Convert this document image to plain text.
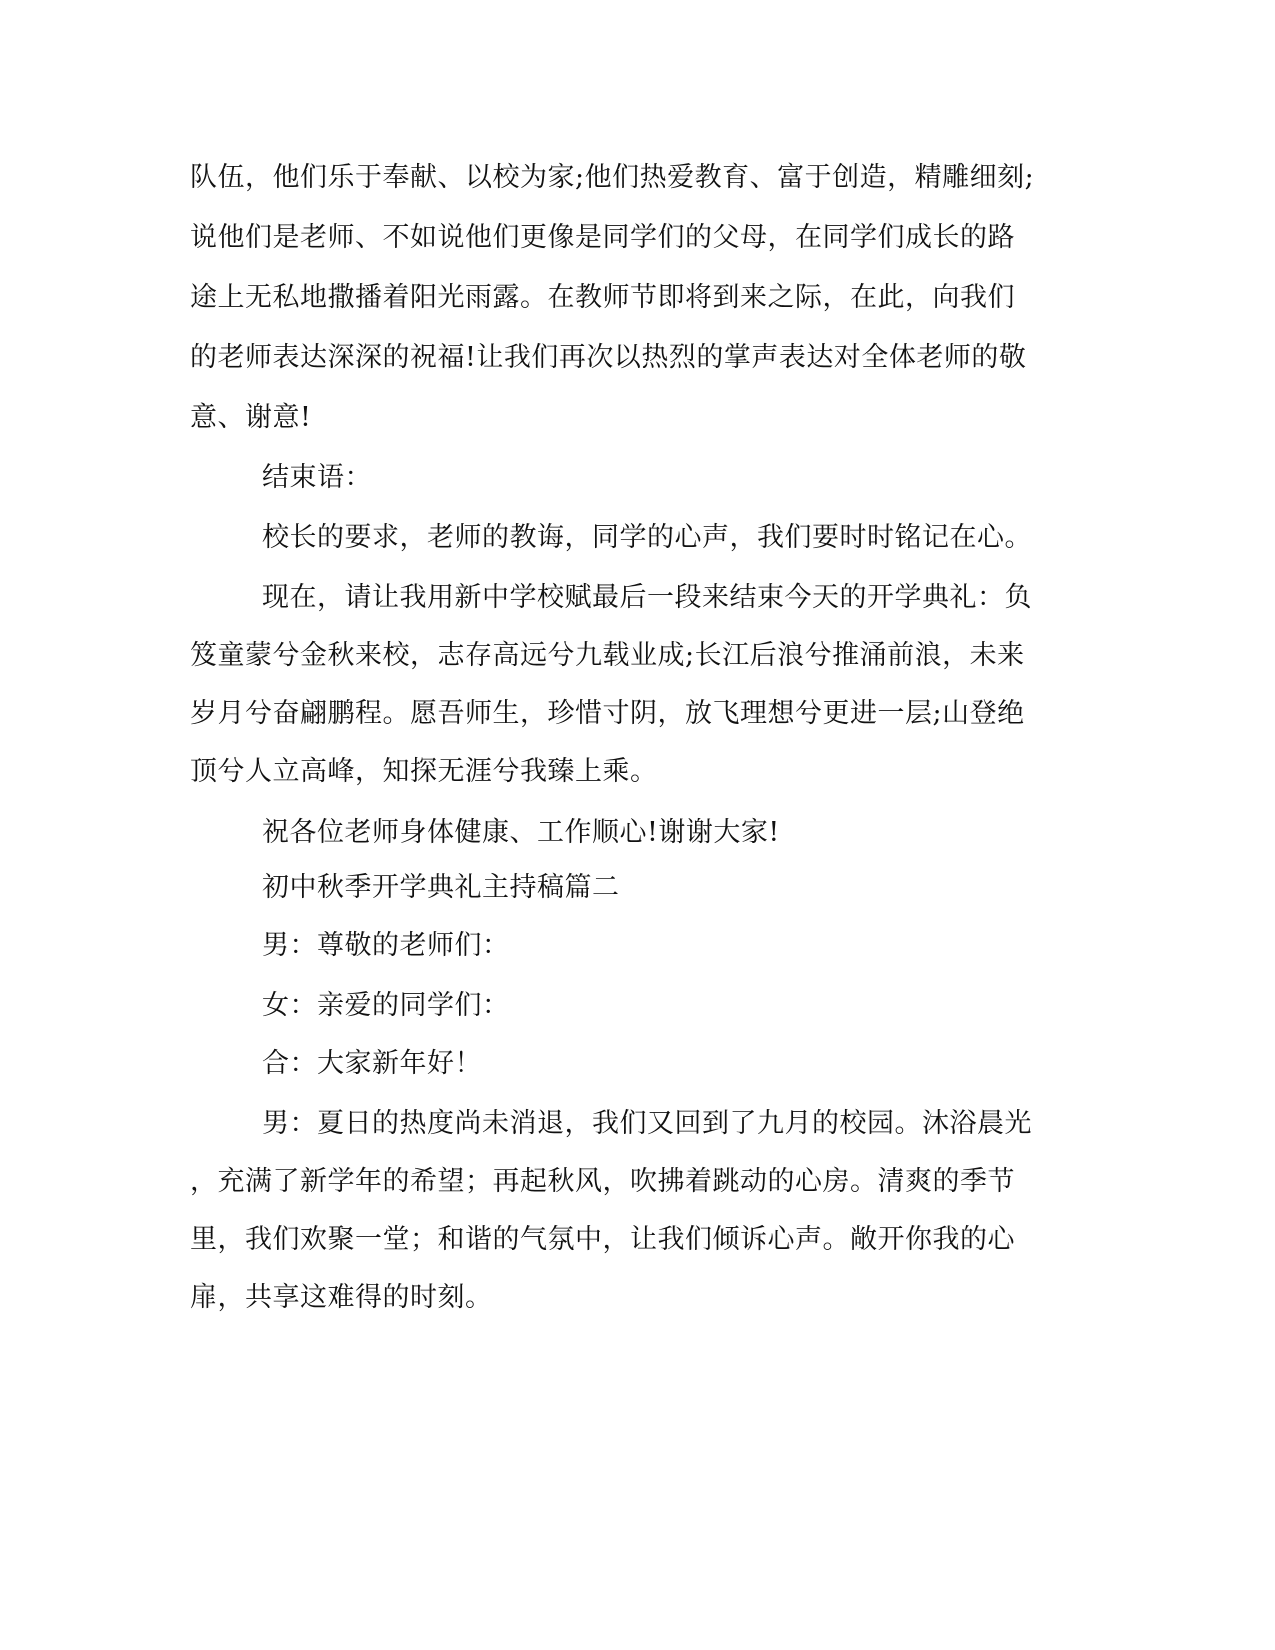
队伍，他们乐于奉献、以校为家;他们热爱教育、富于创造，精雕细刻;
说他们是老师、不如说他们更像是同学们的父母，在同学们成长的路
途上无私地撒播着阳光雨露。在教师节即将到来之际，在此，向我们
的老师表达深深的祝福!让我们再次以热烈的掌声表达对全体老师的敬
意、谢意!
结束语：
校长的要求，老师的教诲，同学的心声，我们要时时铭记在心。
现在，请让我用新中学校赋最后一段来结束今天的开学典礼：负
笈童蒙兮金秋来校，志存高远兮九载业成;长江后浪兮推涌前浪，未来
岁月兮奋翩鹏程。愿吾师生，珍惜寸阴，放飞理想兮更进一层;山登绝
顶兮人立高峰，知探无涯兮我臻上乘。
祝各位老师身体健康、工作顺心!谢谢大家!
初中秋季开学典礼主持稿篇二
男：尊敬的老师们：
女：亲爱的同学们：
合：大家新年好！
男：夏日的热度尚未消退，我们又回到了九月的校园。沐浴晨光
，充满了新学年的希望；再起秋风，吹拂着跳动的心房。清爽的季节
里，我们欢聚一堂；和谐的气氛中，让我们倾诉心声。敞开你我的心
扉，共享这难得的时刻。
